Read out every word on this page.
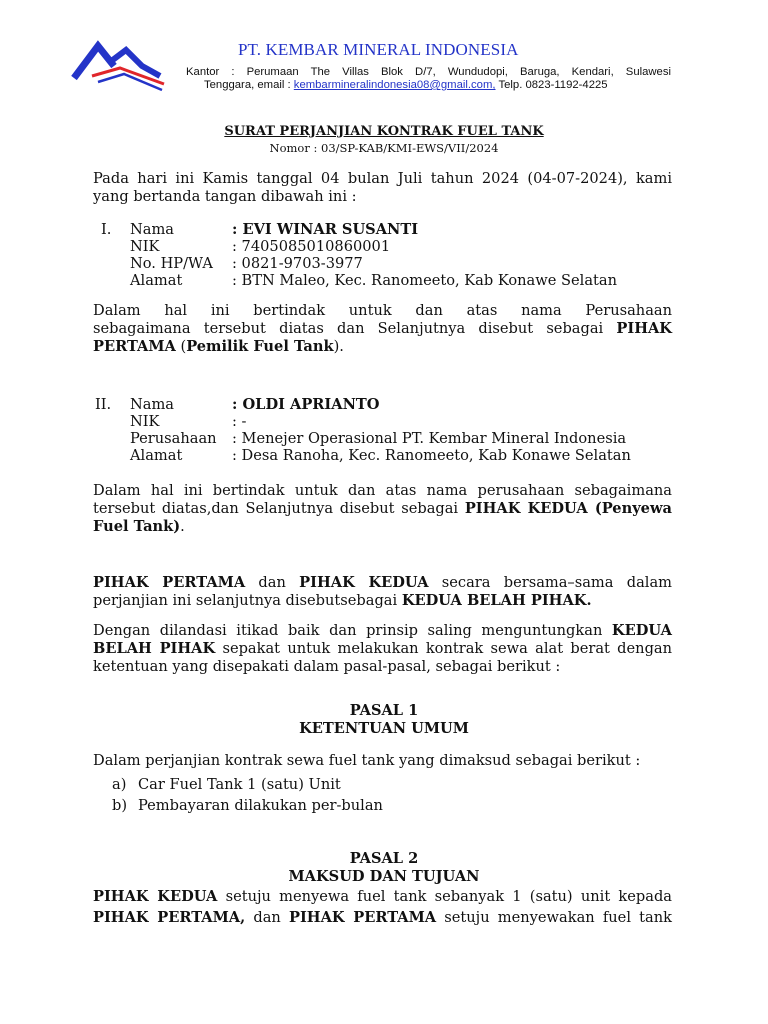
PT. KEMBAR MINERAL INDONESIA
Kantor : Perumaan The Villas Blok D/7, Wundudopi, Baruga, Kendari, Sulawesi
Tenggara, email : kembarmineralindonesia08@gmail.com, Telp. 0823-1192-4225
SURAT PERJANJIAN KONTRAK FUEL TANK
Nomor : 03/SP-KAB/KMI-EWS/VII/2024
Pada hari ini Kamis tanggal 04 bulan Juli tahun 2024 (04-07-2024), kami
yang bertanda tangan dibawah ini :
I. Nama	: EVI WINAR SUSANTI
NIK	: 7405085010860001
No. HP/WA : 0821-9703-3977
Alamat	: BTN Maleo, Kec. Ranomeeto, Kab Konawe Selatan
Dalam hal ini bertindak untuk dan atas nama Perusahaan
sebagaimana tersebut diatas dan Selanjutnya disebut sebagai PIHAK
PERTAMA (Pemilik Fuel Tank).
II. Nama	: OLDI APRIANTO
NIK	: -
Perusahaan : Menejer Operasional PT. Kembar Mineral Indonesia
Alamat	: Desa Ranoha, Kec. Ranomeeto, Kab Konawe Selatan
Dalam hal ini bertindak untuk dan atas nama perusahaan sebagaimana
tersebut diatas,dan Selanjutnya disebut sebagai PIHAK KEDUA (Penyewa
Fuel Tank).
PIHAK PERTAMA dan PIHAK KEDUA secara bersama–sama dalam
perjanjian ini selanjutnya disebutsebagai KEDUA BELAH PIHAK.
Dengan dilandasi itikad baik dan prinsip saling menguntungkan KEDUA
BELAH PIHAK sepakat untuk melakukan kontrak sewa alat berat dengan
ketentuan yang disepakati dalam pasal-pasal, sebagai berikut :
PASAL 1
KETENTUAN UMUM
Dalam perjanjian kontrak sewa fuel tank yang dimaksud sebagai berikut :
a) Car Fuel Tank 1 (satu) Unit
b) Pembayaran dilakukan per-bulan
PASAL 2
MAKSUD DAN TUJUAN
PIHAK KEDUA setuju menyewa fuel tank sebanyak 1 (satu) unit kepada
PIHAK PERTAMA, dan PIHAK PERTAMA setuju menyewakan fuel tank
